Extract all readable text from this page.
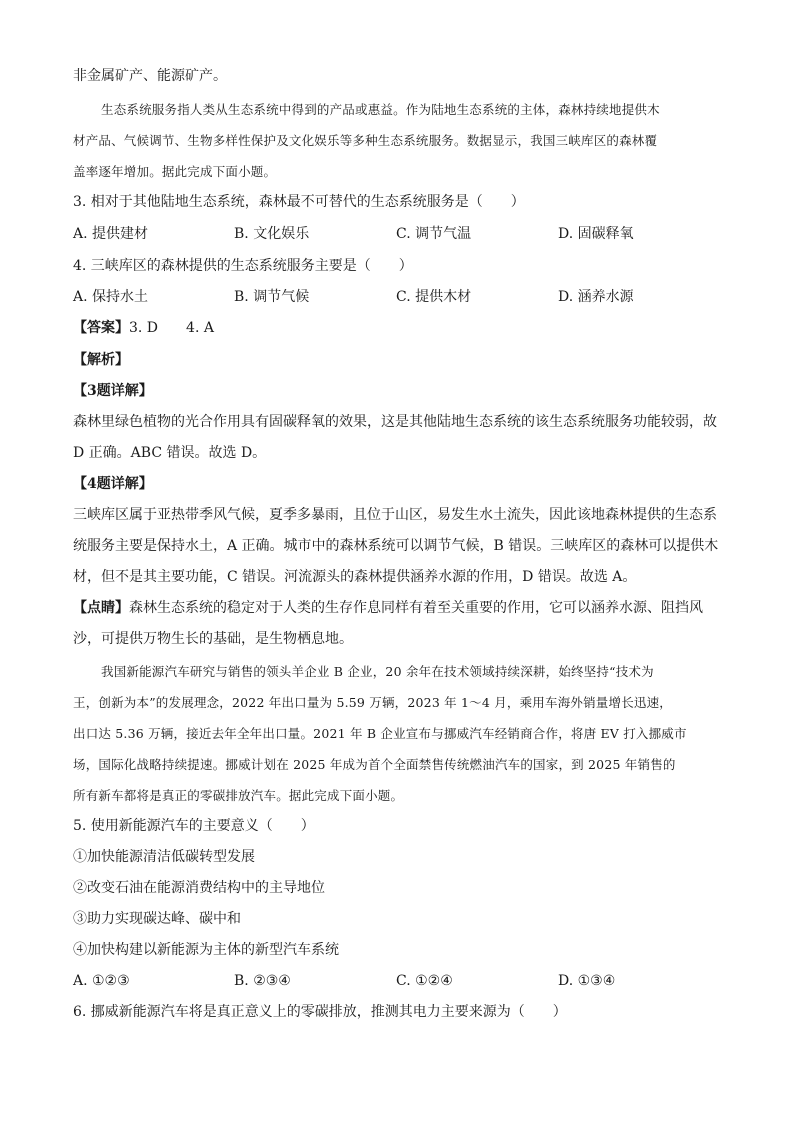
非金属矿产、能源矿产。
生态系统服务指人类从生态系统中得到的产品或惠益。作为陆地生态系统的主体，森林持续地提供木
材产品、气候调节、生物多样性保护及文化娱乐等多种生态系统服务。数据显示，我国三峡库区的森林覆
盖率逐年增加。据此完成下面小题。
3. 相对于其他陆地生态系统，森林最不可替代的生态系统服务是（　　）
A. 提供建材	B. 文化娱乐	C. 调节气温	D. 固碳释氧
4. 三峡库区的森林提供的生态系统服务主要是（　　）
A. 保持水土	B. 调节气候	C. 提供木材	D. 涵养水源
【答案】3. D　　4. A
【解析】
【3题详解】
森林里绿色植物的光合作用具有固碳释氧的效果，这是其他陆地生态系统的该生态系统服务功能较弱，故
D 正确。ABC 错误。故选 D。
【4题详解】
三峡库区属于亚热带季风气候，夏季多暴雨，且位于山区，易发生水土流失，因此该地森林提供的生态系
统服务主要是保持水土，A 正确。城市中的森林系统可以调节气候，B 错误。三峡库区的森林可以提供木
材，但不是其主要功能，C 错误。河流源头的森林提供涵养水源的作用，D 错误。故选 A。
【点睛】森林生态系统的稳定对于人类的生存作息同样有着至关重要的作用，它可以涵养水源、阻挡风
沙，可提供万物生长的基础，是生物栖息地。
我国新能源汽车研究与销售的领头羊企业 B 企业，20 余年在技术领域持续深耕，始终坚持“技术为
王，创新为本”的发展理念，2022 年出口量为 5.59 万辆，2023 年 1～4 月，乘用车海外销量增长迅速，
出口达 5.36 万辆，接近去年全年出口量。2021 年 B 企业宣布与挪威汽车经销商合作，将唐 EV 打入挪威市
场，国际化战略持续提速。挪威计划在 2025 年成为首个全面禁售传统燃油汽车的国家，到 2025 年销售的
所有新车都将是真正的零碳排放汽车。据此完成下面小题。
5. 使用新能源汽车的主要意义（　　）
①加快能源清洁低碳转型发展
②改变石油在能源消费结构中的主导地位
③助力实现碳达峰、碳中和
④加快构建以新能源为主体的新型汽车系统
A. ①②③	B. ②③④	C. ①②④	D. ①③④
6. 挪威新能源汽车将是真正意义上的零碳排放，推测其电力主要来源为（　　）
